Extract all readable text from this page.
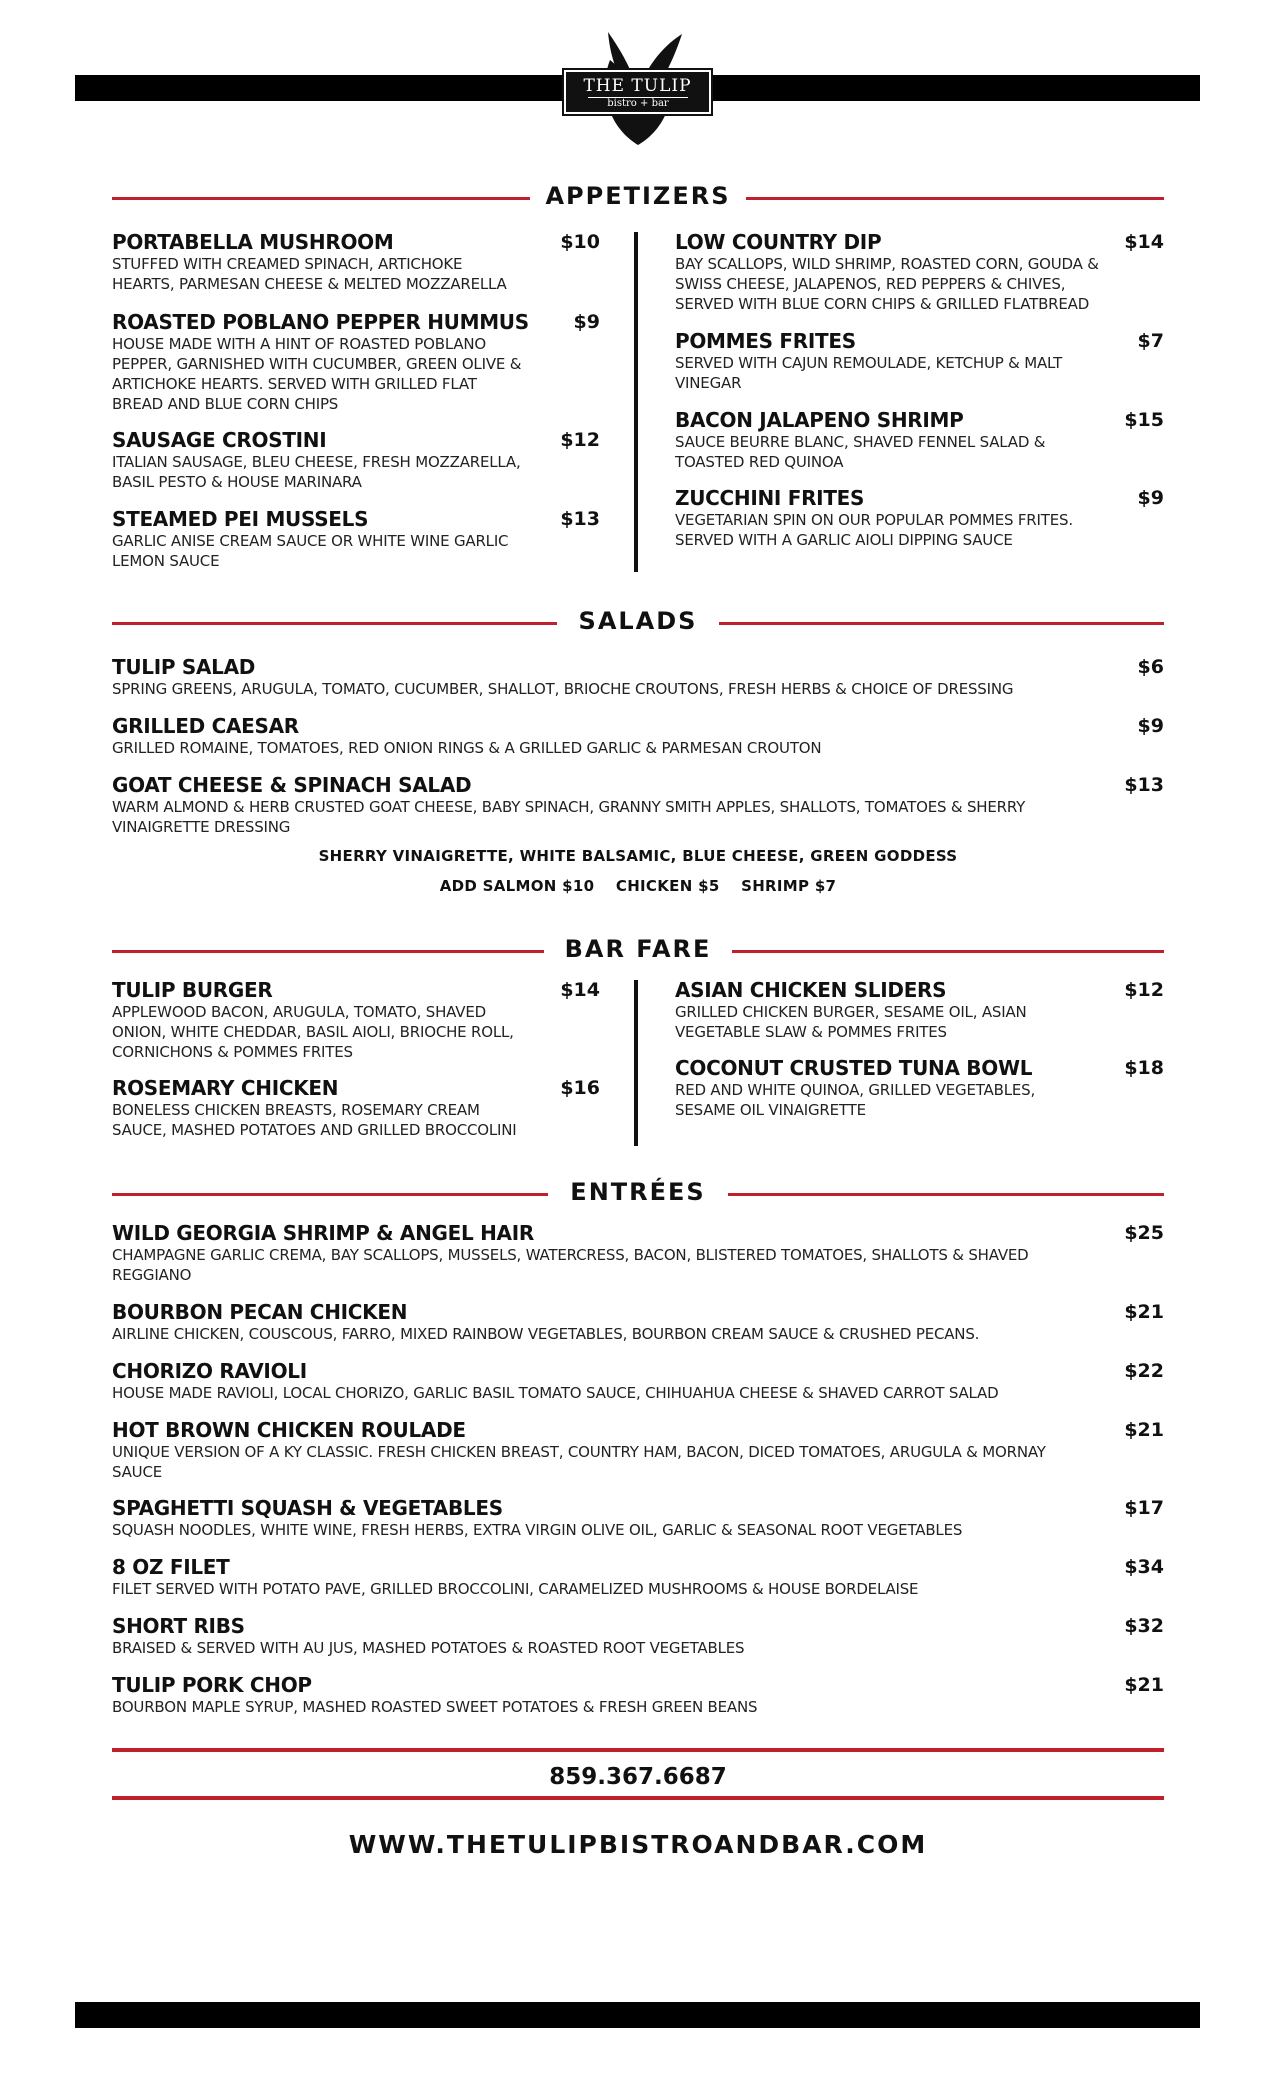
THE TULIP
bistro + bar
APPETIZERS
PORTABELLA MUSHROOM	$10
STUFFED WITH CREAMED SPINACH, ARTICHOKE
HEARTS, PARMESAN CHEESE & MELTED MOZZARELLA
ROASTED POBLANO PEPPER HUMMUS	$9
HOUSE MADE WITH A HINT OF ROASTED POBLANO
PEPPER, GARNISHED WITH CUCUMBER, GREEN OLIVE &
ARTICHOKE HEARTS. SERVED WITH GRILLED FLAT
BREAD AND BLUE CORN CHIPS
SAUSAGE CROSTINI	$12
ITALIAN SAUSAGE, BLEU CHEESE, FRESH MOZZARELLA,
BASIL PESTO & HOUSE MARINARA
STEAMED PEI MUSSELS	$13
GARLIC ANISE CREAM SAUCE OR WHITE WINE GARLIC
LEMON SAUCE
LOW COUNTRY DIP	$14
BAY SCALLOPS, WILD SHRIMP, ROASTED CORN, GOUDA &
SWISS CHEESE, JALAPENOS, RED PEPPERS & CHIVES,
SERVED WITH BLUE CORN CHIPS & GRILLED FLATBREAD
POMMES FRITES	$7
SERVED WITH CAJUN REMOULADE, KETCHUP & MALT
VINEGAR
BACON JALAPENO SHRIMP	$15
SAUCE BEURRE BLANC, SHAVED FENNEL SALAD &
TOASTED RED QUINOA
ZUCCHINI FRITES	$9
VEGETARIAN SPIN ON OUR POPULAR POMMES FRITES.
SERVED WITH A GARLIC AIOLI DIPPING SAUCE
SALADS
TULIP SALAD	$6
SPRING GREENS, ARUGULA, TOMATO, CUCUMBER, SHALLOT, BRIOCHE CROUTONS, FRESH HERBS & CHOICE OF DRESSING
GRILLED CAESAR	$9
GRILLED ROMAINE, TOMATOES, RED ONION RINGS & A GRILLED GARLIC & PARMESAN CROUTON
GOAT CHEESE & SPINACH SALAD	$13
WARM ALMOND & HERB CRUSTED GOAT CHEESE, BABY SPINACH, GRANNY SMITH APPLES, SHALLOTS, TOMATOES & SHERRY
VINAIGRETTE DRESSING
SHERRY VINAIGRETTE, WHITE BALSAMIC, BLUE CHEESE, GREEN GODDESS
ADD SALMON $10 CHICKEN $5 SHRIMP $7
BAR FARE
TULIP BURGER	$14
APPLEWOOD BACON, ARUGULA, TOMATO, SHAVED
ONION, WHITE CHEDDAR, BASIL AIOLI, BRIOCHE ROLL,
CORNICHONS & POMMES FRITES
ROSEMARY CHICKEN	$16
BONELESS CHICKEN BREASTS, ROSEMARY CREAM
SAUCE, MASHED POTATOES AND GRILLED BROCCOLINI
ASIAN CHICKEN SLIDERS	$12
GRILLED CHICKEN BURGER, SESAME OIL, ASIAN
VEGETABLE SLAW & POMMES FRITES
COCONUT CRUSTED TUNA BOWL	$18
RED AND WHITE QUINOA, GRILLED VEGETABLES,
SESAME OIL VINAIGRETTE
ENTRÉES
WILD GEORGIA SHRIMP & ANGEL HAIR	$25
CHAMPAGNE GARLIC CREMA, BAY SCALLOPS, MUSSELS, WATERCRESS, BACON, BLISTERED TOMATOES, SHALLOTS & SHAVED
REGGIANO
BOURBON PECAN CHICKEN	$21
AIRLINE CHICKEN, COUSCOUS, FARRO, MIXED RAINBOW VEGETABLES, BOURBON CREAM SAUCE & CRUSHED PECANS.
CHORIZO RAVIOLI	$22
HOUSE MADE RAVIOLI, LOCAL CHORIZO, GARLIC BASIL TOMATO SAUCE, CHIHUAHUA CHEESE & SHAVED CARROT SALAD
HOT BROWN CHICKEN ROULADE	$21
UNIQUE VERSION OF A KY CLASSIC. FRESH CHICKEN BREAST, COUNTRY HAM, BACON, DICED TOMATOES, ARUGULA & MORNAY
SAUCE
SPAGHETTI SQUASH & VEGETABLES	$17
SQUASH NOODLES, WHITE WINE, FRESH HERBS, EXTRA VIRGIN OLIVE OIL, GARLIC & SEASONAL ROOT VEGETABLES
8 OZ FILET	$34
FILET SERVED WITH POTATO PAVE, GRILLED BROCCOLINI, CARAMELIZED MUSHROOMS & HOUSE BORDELAISE
SHORT RIBS	$32
BRAISED & SERVED WITH AU JUS, MASHED POTATOES & ROASTED ROOT VEGETABLES
TULIP PORK CHOP	$21
BOURBON MAPLE SYRUP, MASHED ROASTED SWEET POTATOES & FRESH GREEN BEANS
859.367.6687
WWW.THETULIPBISTROANDBAR.COM
